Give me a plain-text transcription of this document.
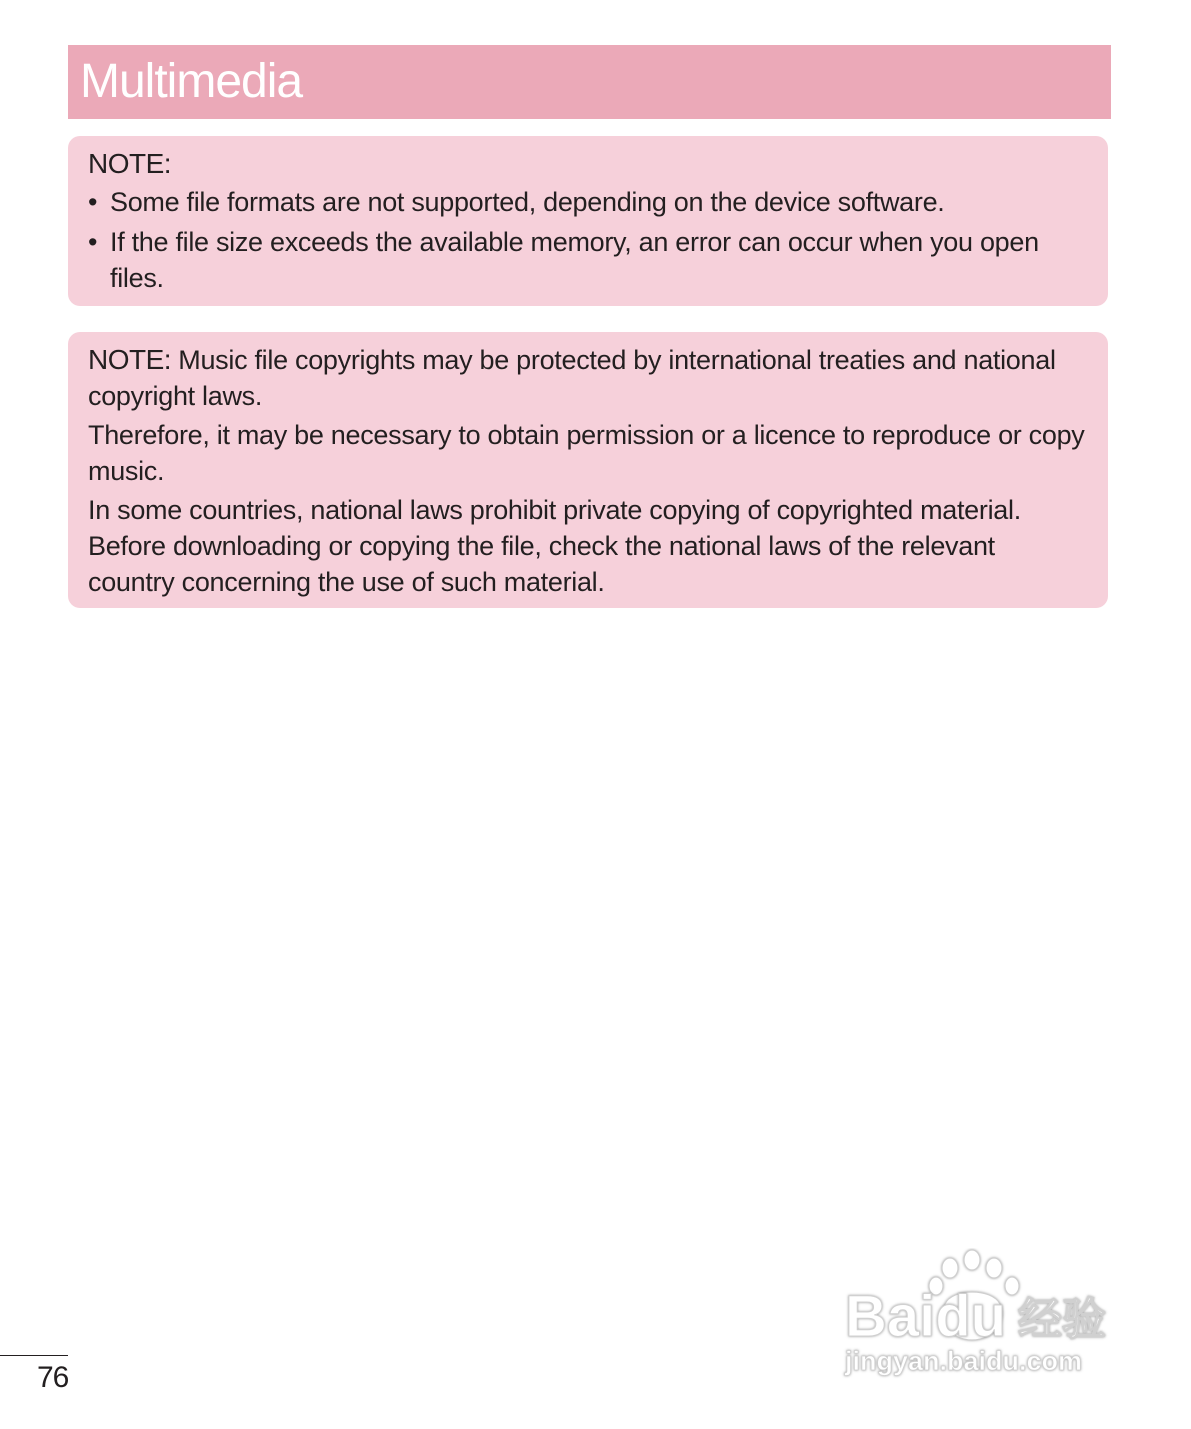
Multimedia
NOTE:
• Some file formats are not supported, depending on the device software.
• If the file size exceeds the available memory, an error can occur when you open files.

NOTE: Music file copyrights may be protected by international treaties and national copyright laws.

Therefore, it may be necessary to obtain permission or a licence to reproduce or copy music.

In some countries, national laws prohibit private copying of copyrighted material. Before downloading or copying the file, check the national laws of the relevant country concerning the use of such material.

76
Baidu 经验
jingyan.baidu.com
